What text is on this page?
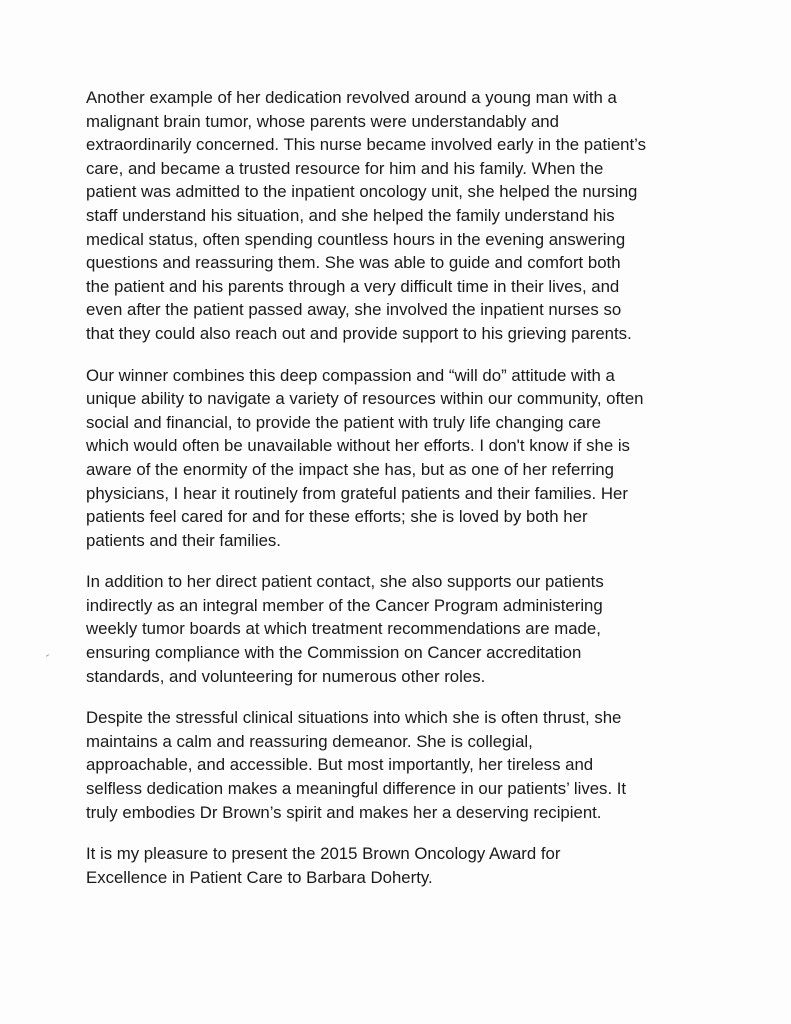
Another example of her dedication revolved around a young man with a
malignant brain tumor, whose parents were understandably and
extraordinarily concerned. This nurse became involved early in the patient’s
care, and became a trusted resource for him and his family. When the
patient was admitted to the inpatient oncology unit, she helped the nursing
staff understand his situation, and she helped the family understand his
medical status, often spending countless hours in the evening answering
questions and reassuring them. She was able to guide and comfort both
the patient and his parents through a very difficult time in their lives, and
even after the patient passed away, she involved the inpatient nurses so
that they could also reach out and provide support to his grieving parents.

Our winner combines this deep compassion and “will do” attitude with a
unique ability to navigate a variety of resources within our community, often
social and financial, to provide the patient with truly life changing care
which would often be unavailable without her efforts. I don't know if she is
aware of the enormity of the impact she has, but as one of her referring
physicians, I hear it routinely from grateful patients and their families. Her
patients feel cared for and for these efforts; she is loved by both her
patients and their families.

In addition to her direct patient contact, she also supports our patients
indirectly as an integral member of the Cancer Program administering
weekly tumor boards at which treatment recommendations are made,
ensuring compliance with the Commission on Cancer accreditation
standards, and volunteering for numerous other roles.

Despite the stressful clinical situations into which she is often thrust, she
maintains a calm and reassuring demeanor. She is collegial,
approachable, and accessible. But most importantly, her tireless and
selfless dedication makes a meaningful difference in our patients’ lives. It
truly embodies Dr Brown’s spirit and makes her a deserving recipient.

It is my pleasure to present the 2015 Brown Oncology Award for
Excellence in Patient Care to Barbara Doherty.
